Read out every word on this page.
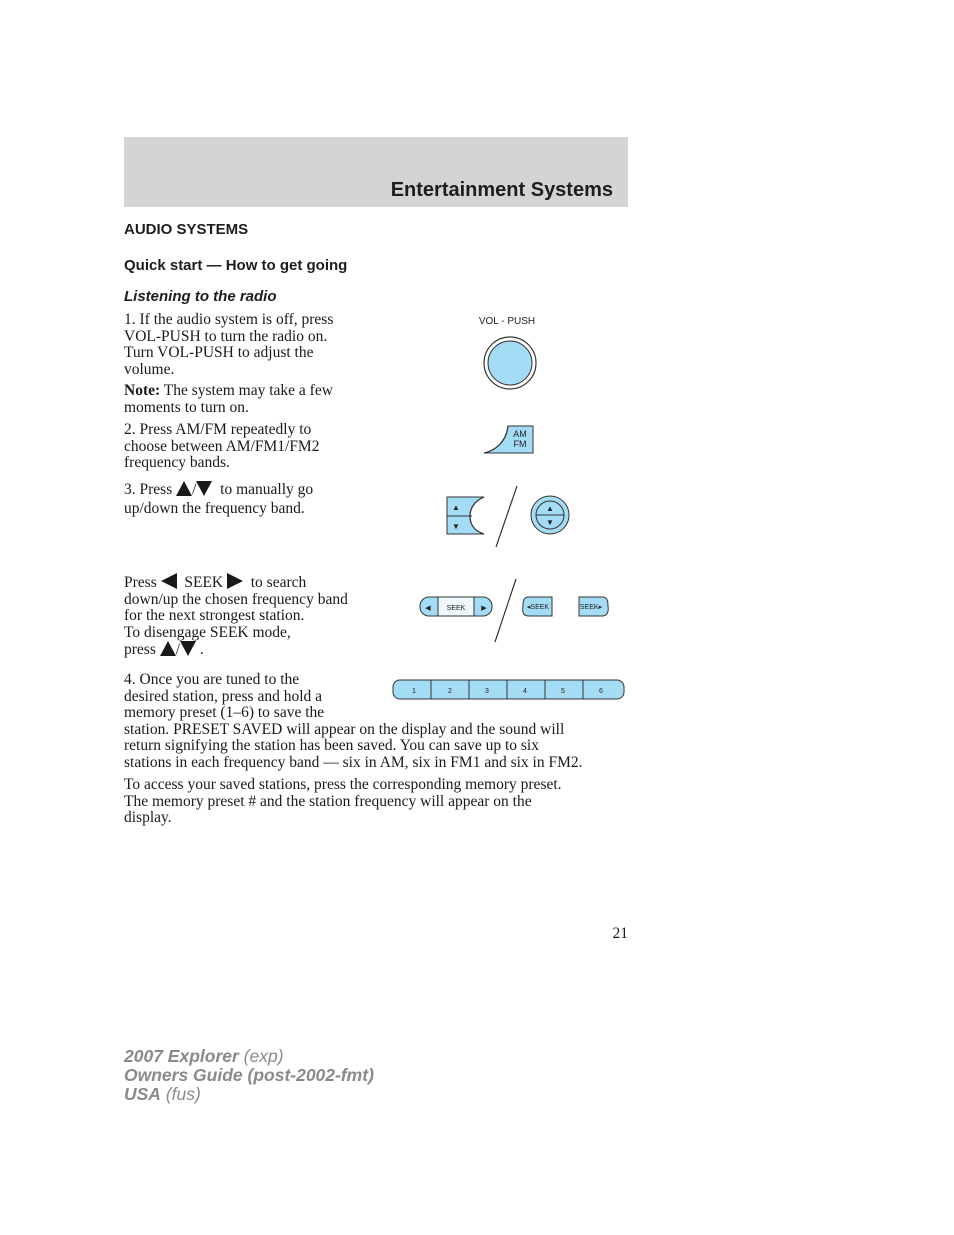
Entertainment Systems
AUDIO SYSTEMS
Quick start — How to get going
Listening to the radio

1. If the audio system is off, press
VOL-PUSH to turn the radio on.
Turn VOL-PUSH to adjust the
volume.

Note: The system may take a few
moments to turn on.

2. Press AM/FM repeatedly to
choose between AM/FM1/FM2
frequency bands.

3. Press / to manually go
up/down the frequency band.

Press SEEK to search
down/up the chosen frequency band
for the next strongest station.
To disengage SEEK mode,
press / .

4. Once you are tuned to the
desired station, press and hold a
memory preset (1–6) to save the
station. PRESET SAVED will appear on the display and the sound will
return signifying the station has been saved. You can save up to six
stations in each frequency band — six in AM, six in FM1 and six in FM2.

To access your saved stations, press the corresponding memory preset.
The memory preset # and the station frequency will appear on the
display.

VOL - PUSH
AM
FM
▲
▼
▲
▼
◀ SEEK ▶	◂SEEK	SEEK▸
1	2	3	4	5	6
21
2007 Explorer (exp)
Owners Guide (post-2002-fmt)
USA (fus)
